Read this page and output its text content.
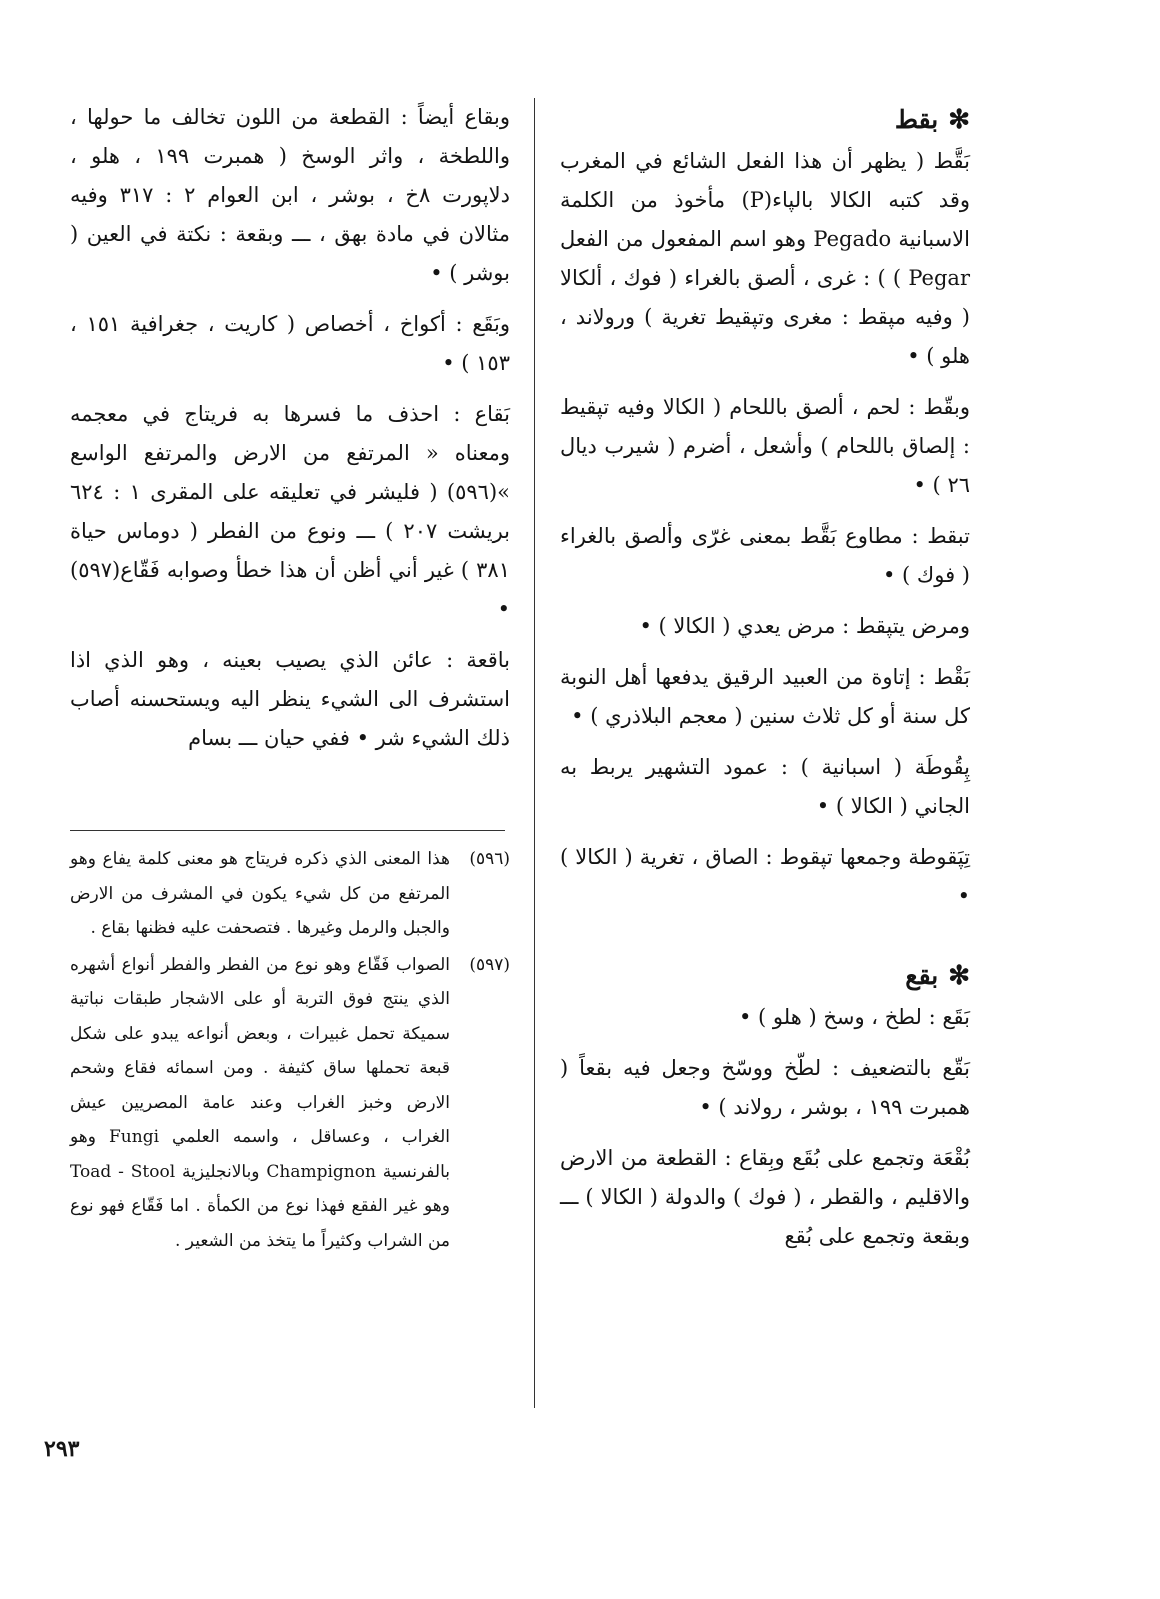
✻بقط

بَقَّط ( يظهر أن هذا الفعل الشائع في المغرب وقد كتبه الكالا بالپاء(P) مأخوذ من الكلمة الاسبانية Pegado وهو اسم المفعول من الفعل Pegar ) ) : غرى ، ألصق بالغراء ( فوك ، ألكالا ( وفيه مپقط : مغرى وتپقيط تغرية ) ورولاند ، هلو ) •

وبقّط : لحم ، ألصق باللحام ( الكالا وفيه تپقيط : إلصاق باللحام ) وأشعل ، أضرم ( شيرب ديال ٢٦ ) •

تبقط : مطاوع بَقَّط بمعنى غرّى وألصق بالغراء ( فوك ) •

ومرض يتپقط : مرض يعدي ( الكالا ) •

بَقْط : إتاوة من العبيد الرقيق يدفعها أهل النوبة كل سنة أو كل ثلاث سنين ( معجم البلاذري ) •

پِقُوطَة ( اسبانية ) : عمود التشهير يربط به الجاني ( الكالا ) •

تِپَقوطة وجمعها تپقوط : الصاق ، تغرية ( الكالا ) •

✻بقع

بَقَع : لطخ ، وسخ ( هلو ) •

بَقّع بالتضعيف : لطّخ ووسّخ وجعل فيه بقعاً ( همبرت ١٩٩ ، بوشر ، رولاند ) •

بُقْعَة وتجمع على بُقَع وبِقاع : القطعة من الارض والاقليم ، والقطر ، ( فوك ) والدولة ( الكالا ) ـــ وبقعة وتجمع على بُقع

وبقاع أيضاً : القطعة من اللون تخالف ما حولها ، واللطخة ، واثر الوسخ ( همبرت ١٩٩ ، هلو ، دلاپورت ٨خ ، بوشر ، ابن العوام ٢ : ٣١٧ وفيه مثالان في مادة بهق ، ـــ وبقعة : نكتة في العين ( بوشر ) •

وبَقَع : أكواخ ، أخصاص ( كاريت ، جغرافية ١٥١ ، ١٥٣ ) •

بَقاع : احذف ما فسرها به فريتاج في معجمه ومعناه « المرتفع من الارض والمرتفع الواسع »(٥٩٦) ( فليشر في تعليقه على المقرى ١ : ٦٢٤ بريشت ٢٠٧ ) ـــ ونوع من الفطر ( دوماس حياة ٣٨١ ) غير أني أظن أن هذا خطأ وصوابه فَقّاع(٥٩٧) •

باقعة : عائن الذي يصيب بعينه ، وهو الذي اذا استشرف الى الشيء ينظر اليه ويستحسنه أصاب ذلك الشيء شر • ففي حيان ـــ بسام

(٥٩٦)
هذا المعنى الذي ذكره فريتاج هو معنى كلمة يفاع وهو المرتفع من كل شيء يكون في المشرف من الارض والجبل والرمل وغيرها . فتصحفت عليه فظنها بقاع .
(٥٩٧)
الصواب فَقّاع وهو نوع من الفطر والفطر أنواع أشهره الذي ينتج فوق التربة أو على الاشجار طبقات نباتية سميكة تحمل غبيرات ، وبعض أنواعه يبدو على شكل قبعة تحملها ساق كثيفة . ومن اسمائه فقاع وشحم الارض وخبز الغراب وعند عامة المصريين عيش الغراب ، وعساقل ، واسمه العلمي Fungi وهو بالفرنسية Champignon وبالانجليزية Toad - Stool وهو غير الفقع فهذا نوع من الكمأة . اما فَقّاع فهو نوع من الشراب وكثيراً ما يتخذ من الشعير .
٢٩٣
